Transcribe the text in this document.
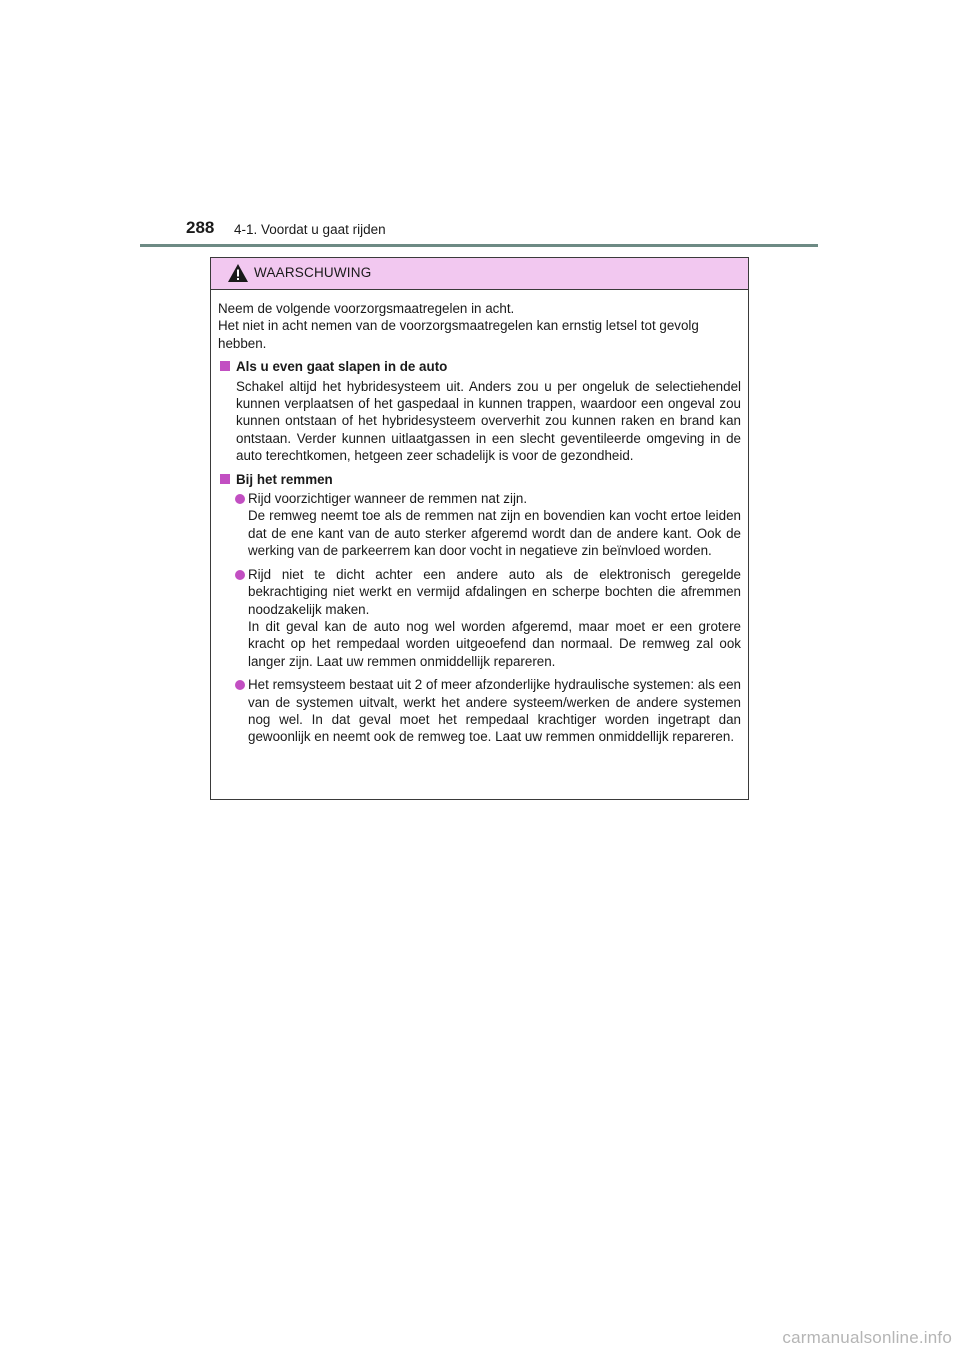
288 4-1. Voordat u gaat rijden
WAARSCHUWING

Neem de volgende voorzorgsmaatregelen in acht.

Het niet in acht nemen van de voorzorgsmaatregelen kan ernstig letsel tot gevolg hebben.

Als u even gaat slapen in de auto

Schakel altijd het hybridesysteem uit. Anders zou u per ongeluk de selectiehendel kunnen verplaatsen of het gaspedaal in kunnen trappen, waardoor een ongeval zou kunnen ontstaan of het hybridesysteem oververhit zou kunnen raken en brand kan ontstaan. Verder kunnen uitlaatgassen in een slecht geventileerde omgeving in de auto terechtkomen, hetgeen zeer schadelijk is voor de gezondheid.

Bij het remmen

Rijd voorzichtiger wanneer de remmen nat zijn.

De remweg neemt toe als de remmen nat zijn en bovendien kan vocht ertoe leiden dat de ene kant van de auto sterker afgeremd wordt dan de andere kant. Ook de werking van de parkeerrem kan door vocht in negatieve zin beïnvloed worden.

Rijd niet te dicht achter een andere auto als de elektronisch geregelde bekrachtiging niet werkt en vermijd afdalingen en scherpe bochten die afremmen noodzakelijk maken.

In dit geval kan de auto nog wel worden afgeremd, maar moet er een grotere kracht op het rempedaal worden uitgeoefend dan normaal. De remweg zal ook langer zijn. Laat uw remmen onmiddellijk repareren.

Het remsysteem bestaat uit 2 of meer afzonderlijke hydraulische systemen: als een van de systemen uitvalt, werkt het andere systeem/werken de andere systemen nog wel. In dat geval moet het rempedaal krachtiger worden ingetrapt dan gewoonlijk en neemt ook de remweg toe. Laat uw remmen onmiddellijk repareren.

carmanualsonline.info
